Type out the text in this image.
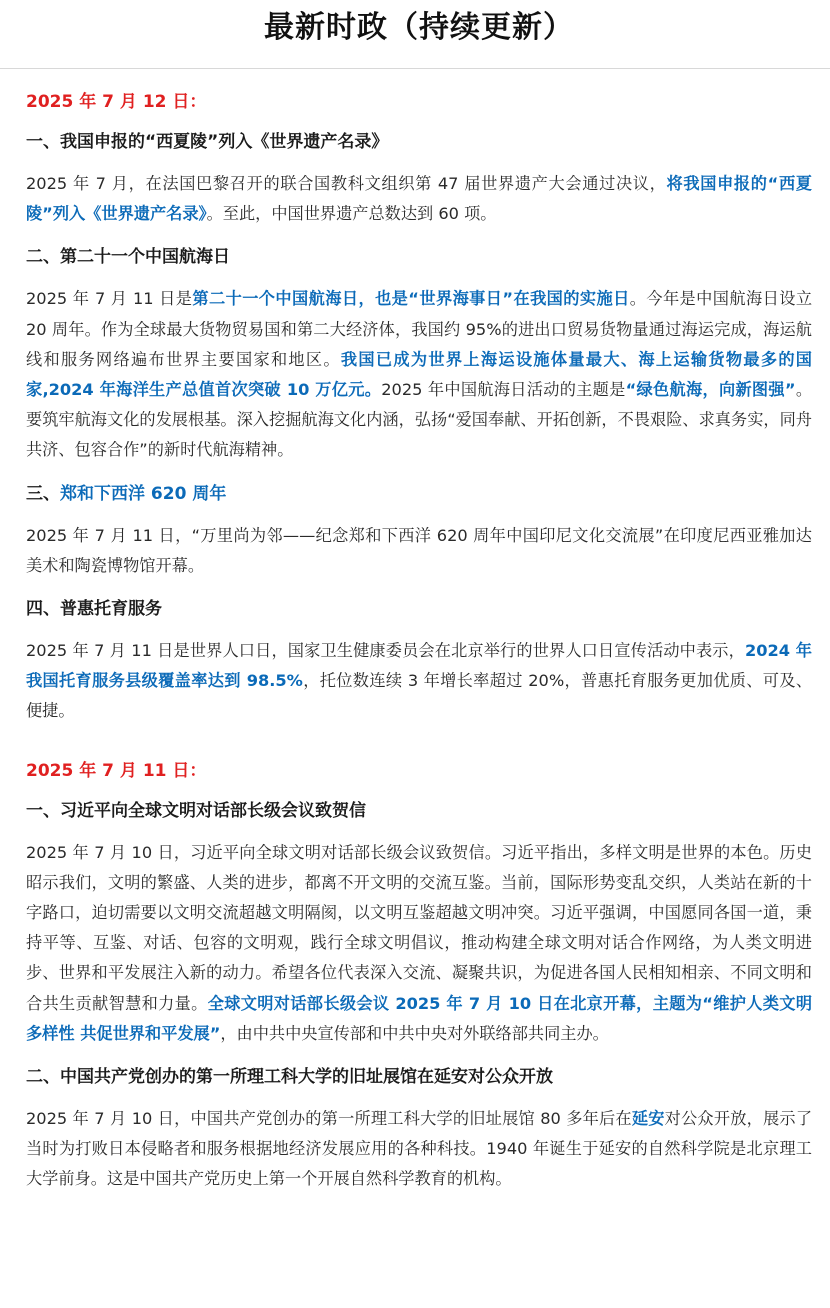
最新时政（持续更新）
2025 年 7 月 12 日：
一、我国申报的“西夏陵”列入《世界遗产名录》

2025 年 7 月，在法国巴黎召开的联合国教科文组织第 47 届世界遗产大会通过决议，将我国申报的“西夏陵”列入《世界遗产名录》。至此，中国世界遗产总数达到 60 项。

二、第二十一个中国航海日

2025 年 7 月 11 日是第二十一个中国航海日，也是“世界海事日”在我国的实施日。今年是中国航海日设立 20 周年。作为全球最大货物贸易国和第二大经济体，我国约 95%的进出口贸易货物量通过海运完成，海运航线和服务网络遍布世界主要国家和地区。我国已成为世界上海运设施体量最大、海上运输货物最多的国家,2024 年海洋生产总值首次突破 10 万亿元。2025 年中国航海日活动的主题是“绿色航海，向新图强”。要筑牢航海文化的发展根基。深入挖掘航海文化内涵，弘扬“爱国奉献、开拓创新，不畏艰险、求真务实，同舟共济、包容合作”的新时代航海精神。

三、郑和下西洋 620 周年

2025 年 7 月 11 日，“万里尚为邻——纪念郑和下西洋 620 周年中国印尼文化交流展”在印度尼西亚雅加达美术和陶瓷博物馆开幕。

四、普惠托育服务

2025 年 7 月 11 日是世界人口日，国家卫生健康委员会在北京举行的世界人口日宣传活动中表示，2024 年我国托育服务县级覆盖率达到 98.5%，托位数连续 3 年增长率超过 20%，普惠托育服务更加优质、可及、便捷。

2025 年 7 月 11 日：
一、习近平向全球文明对话部长级会议致贺信

2025 年 7 月 10 日，习近平向全球文明对话部长级会议致贺信。习近平指出，多样文明是世界的本色。历史昭示我们，文明的繁盛、人类的进步，都离不开文明的交流互鉴。当前，国际形势变乱交织，人类站在新的十字路口，迫切需要以文明交流超越文明隔阂，以文明互鉴超越文明冲突。习近平强调，中国愿同各国一道，秉持平等、互鉴、对话、包容的文明观，践行全球文明倡议，推动构建全球文明对话合作网络，为人类文明进步、世界和平发展注入新的动力。希望各位代表深入交流、凝聚共识，为促进各国人民相知相亲、不同文明和合共生贡献智慧和力量。全球文明对话部长级会议 2025 年 7 月 10 日在北京开幕，主题为“维护人类文明多样性 共促世界和平发展”，由中共中央宣传部和中共中央对外联络部共同主办。

二、中国共产党创办的第一所理工科大学的旧址展馆在延安对公众开放

2025 年 7 月 10 日，中国共产党创办的第一所理工科大学的旧址展馆 80 多年后在延安对公众开放，展示了当时为打败日本侵略者和服务根据地经济发展应用的各种科技。1940 年诞生于延安的自然科学院是北京理工大学前身。这是中国共产党历史上第一个开展自然科学教育的机构。
